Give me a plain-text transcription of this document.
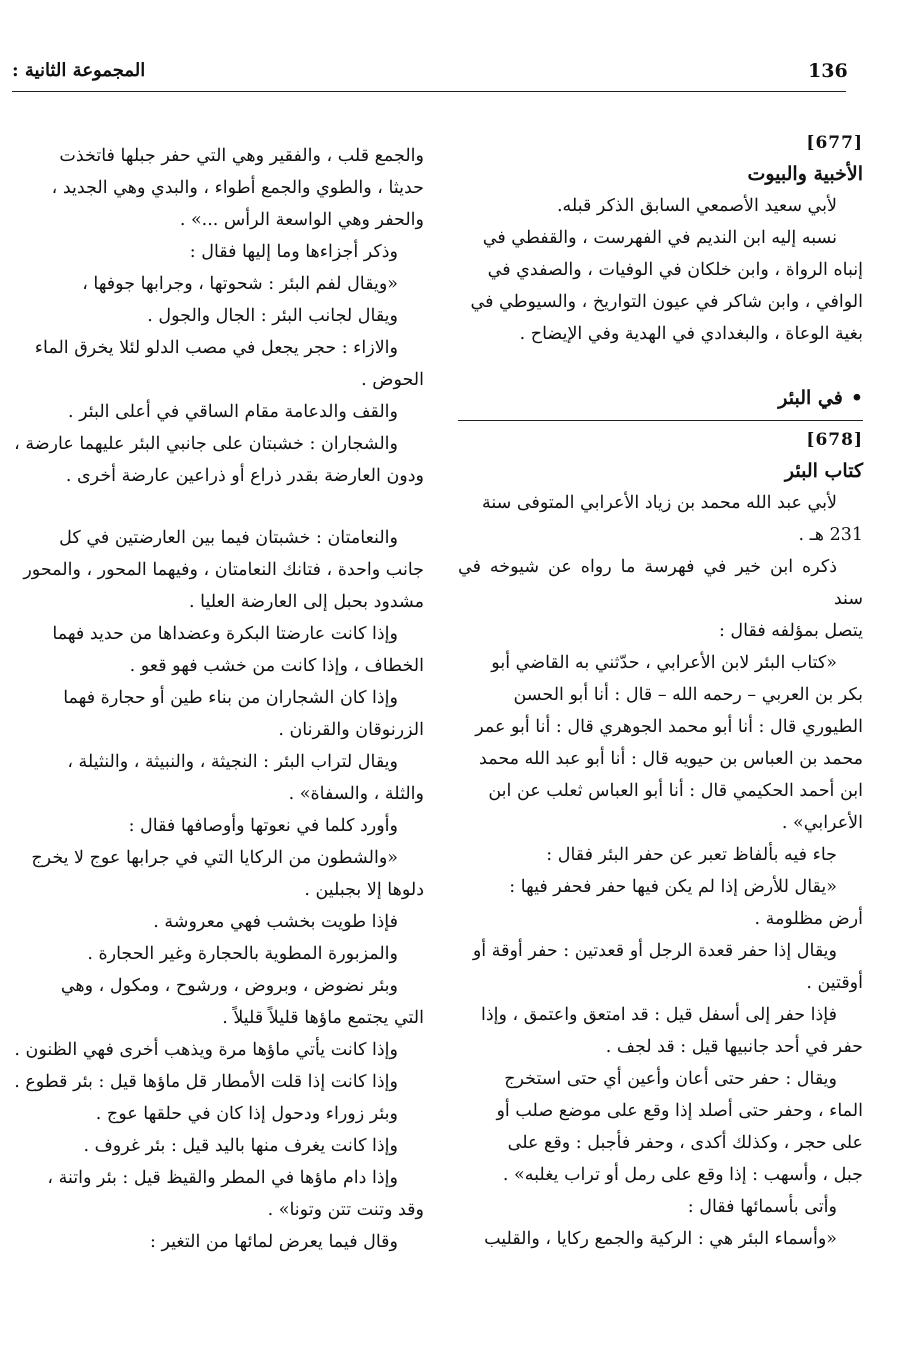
136
المجموعة الثانية :
[677]
الأخبية والبيوت
لأبي سعيد الأصمعي السابق الذكر قبله.
نسبه إليه ابن النديم في الفهرست ، والقفطي في
إنباه الرواة ، وابن خلكان في الوفيات ، والصفدي في
الوافي ، وابن شاكر في عيون التواريخ ، والسيوطي في
بغية الوعاة ، والبغدادي في الهدية وفي الإيضاح .
•في البئر
[678]
كتاب البئر
لأبي عبد الله محمد بن زياد الأعرابي المتوفى سنة
231 هـ .
ذكره ابن خير في فهرسة ما رواه عن شيوخه في سند
يتصل بمؤلفه فقال :
«كتاب البئر لابن الأعرابي ، حدّثني به القاضي أبو
بكر بن العربي – رحمه الله – قال : أنا أبو الحسن
الطيوري قال : أنا أبو محمد الجوهري قال : أنا أبو عمر
محمد بن العباس بن حيويه قال : أنا أبو عبد الله محمد
ابن أحمد الحكيمي قال : أنا أبو العباس ثعلب عن ابن
الأعرابي» .
جاء فيه بألفاظ تعبر عن حفر البئر فقال :
«يقال للأرض إذا لم يكن فيها حفر فحفر فيها :
أرض مظلومة .
ويقال إذا حفر قعدة الرجل أو قعدتين : حفر أوقة أو
أوقتين .
فإذا حفر إلى أسفل قيل : قد امتعق واعتمق ، وإذا
حفر في أحد جانبيها قيل : قد لجف .
ويقال : حفر حتى أعان وأعين أي حتى استخرج
الماء ، وحفر حتى أصلد إذا وقع على موضع صلب أو
على حجر ، وكذلك أكدى ، وحفر فأجبل : وقع على
جبل ، وأسهب : إذا وقع على رمل أو تراب يغلبه» .
وأتى بأسمائها فقال :
«وأسماء البئر هي : الركية والجمع ركايا ، والقليب
والجمع قلب ، والفقير وهي التي حفر جبلها فاتخذت
حديثا ، والطوي والجمع أطواء ، والبدي وهي الجديد ،
والحفر وهي الواسعة الرأس ...» .
وذكر أجزاءها وما إليها فقال :
«ويقال لفم البئر : شحوتها ، وجرابها جوفها ،
ويقال لجانب البئر : الجال والجول .
والازاء : حجر يجعل في مصب الدلو لئلا يخرق الماء
الحوض .
والقف والدعامة مقام الساقي في أعلى البئر .
والشجاران : خشبتان على جانبي البئر عليهما عارضة ،
ودون العارضة بقدر ذراع أو ذراعين عارضة أخرى .
والنعامتان : خشبتان فيما بين العارضتين في كل
جانب واحدة ، فتانك النعامتان ، وفيهما المحور ، والمحور
مشدود بحبل إلى العارضة العليا .
وإذا كانت عارضتا البكرة وعضداها من حديد فهما
الخطاف ، وإذا كانت من خشب فهو قعو .
وإذا كان الشجاران من بناء طين أو حجارة فهما
الزرنوقان والقرنان .
ويقال لتراب البئر : النجيثة ، والنبيثة ، والنثيلة ،
والثلة ، والسفاة» .
وأورد كلما في نعوتها وأوصافها فقال :
«والشطون من الركايا التي في جرابها عوج لا يخرج
دلوها إلا بجبلين .
فإذا طويت بخشب فهي معروشة .
والمزبورة المطوية بالحجارة وغير الحجارة .
وبئر نضوض ، وبروض ، ورشوح ، ومكول ، وهي
التي يجتمع ماؤها قليلاً قليلاً .
وإذا كانت يأتي ماؤها مرة ويذهب أخرى فهي الظنون .
وإذا كانت إذا قلت الأمطار قل ماؤها قيل : بئر قطوع .
وبئر زوراء ودحول إذا كان في حلقها عوج .
وإذا كانت يغرف منها باليد قيل : بئر غروف .
وإذا دام ماؤها في المطر والقيظ قيل : بئر واتنة ،
وقد وتنت تتن وتونا» .
وقال فيما يعرض لمائها من التغير :
